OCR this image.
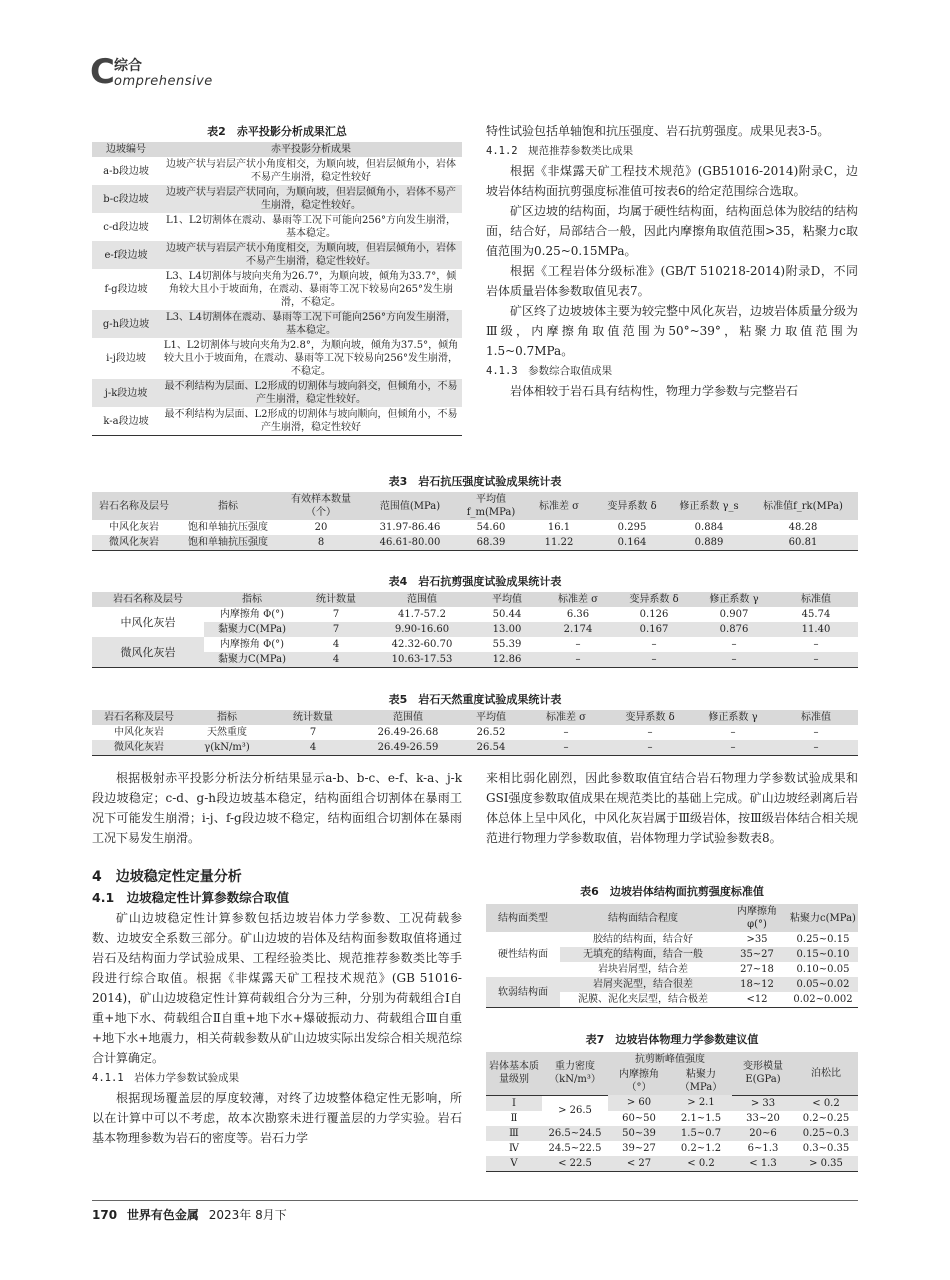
C 综合
omprehensive
表2　赤平投影分析成果汇总
边坡编号	赤平投影分析成果
a-b段边坡	边坡产状与岩层产状小角度相交，为顺向坡，但岩层倾角小，岩体不易产生崩滑，稳定性较好
b-c段边坡	边坡产状与岩层产状同向，为顺向坡，但岩层倾角小，岩体不易产生崩滑，稳定性较好。
c-d段边坡	L1、L2切割体在震动、暴雨等工况下可能向256°方向发生崩滑，基本稳定。
e-f段边坡	边坡产状与岩层产状小角度相交，为顺向坡，但岩层倾角小，岩体不易产生崩滑，稳定性较好。
f-g段边坡	L3、L4切割体与坡向夹角为26.7°，为顺向坡，倾角为33.7°，倾角较大且小于坡面角，在震动、暴雨等工况下较易向265°发生崩滑，不稳定。
g-h段边坡	L3、L4切割体在震动、暴雨等工况下可能向256°方向发生崩滑，基本稳定。
i-j段边坡	L1、L2切割体与坡向夹角为2.8°，为顺向坡，倾角为37.5°，倾角较大且小于坡面角，在震动、暴雨等工况下较易向256°发生崩滑，不稳定。
j-k段边坡	最不利结构为层面、L2形成的切割体与坡向斜交，但倾角小，不易产生崩滑，稳定性较好。
k-a段边坡	最不利结构为层面、L2形成的切割体与坡向顺向，但倾角小，不易产生崩滑，稳定性较好

特性试验包括单轴饱和抗压强度、岩石抗剪强度。成果见表3-5。

4.1.2　规范推荐参数类比成果

根据《非煤露天矿工程技术规范》(GB51016-2014)附录C，边坡岩体结构面抗剪强度标准值可按表6的给定范围综合选取。

矿区边坡的结构面，均属于硬性结构面，结构面总体为胶结的结构面，结合好，局部结合一般，因此内摩擦角取值范围>35，粘聚力c取值范围为0.25~0.15MPa。

根据《工程岩体分级标准》(GB/T 510218-2014)附录D，不同岩体质量岩体参数取值见表7。

矿区终了边坡坡体主要为较完整中风化灰岩，边坡岩体质量分级为Ⅲ级，内摩擦角取值范围为50°~39°，粘聚力取值范围为1.5~0.7MPa。

4.1.3　参数综合取值成果

岩体相较于岩石具有结构性，物理力学参数与完整岩石

表3　岩石抗压强度试验成果统计表
岩石名称及层号	指标	有效样本数量（个）	范围值(MPa)	平均值f_m(MPa)	标准差 σ	变异系数 δ	修正系数 γ_s	标准值f_rk(MPa)
中风化灰岩	饱和单轴抗压强度	20	31.97-86.46	54.60	16.1	0.295	0.884	48.28
微风化灰岩	饱和单轴抗压强度	8	46.61-80.00	68.39	11.22	0.164	0.889	60.81
表4　岩石抗剪强度试验成果统计表
岩石名称及层号	指标	统计数量	范围值	平均值	标准差 σ	变异系数 δ	修正系数 γ	标准值
中风化灰岩	内摩擦角 Φ(°)	7	41.7-57.2	50.44	6.36	0.126	0.907	45.74
	黏聚力C(MPa)	7	9.90-16.60	13.00	2.174	0.167	0.876	11.40
微风化灰岩	内摩擦角 Φ(°)	4	42.32-60.70	55.39	–	–	–	–
	黏聚力C(MPa)	4	10.63-17.53	12.86	–	–	–	–
表5　岩石天然重度试验成果统计表
岩石名称及层号	指标	统计数量	范围值	平均值	标准差 σ	变异系数 δ	修正系数 γ	标准值
中风化灰岩	天然重度	7	26.49-26.68	26.52	–	–	–	–
微风化灰岩	γ(kN/m³)	4	26.49-26.59	26.54	–	–	–	–

根据极射赤平投影分析法分析结果显示a-b、b-c、e-f、k-a、j-k段边坡稳定；c-d、g-h段边坡基本稳定，结构面组合切割体在暴雨工况下可能发生崩滑；i-j、f-g段边坡不稳定，结构面组合切割体在暴雨工况下易发生崩滑。

来相比弱化剧烈，因此参数取值宜结合岩石物理力学参数试验成果和GSI强度参数取值成果在规范类比的基础上完成。矿山边坡经剥离后岩体总体上呈中风化，中风化灰岩属于Ⅲ级岩体，按Ⅲ级岩体结合相关规范进行物理力学参数取值，岩体物理力学试验参数表8。

4　边坡稳定性定量分析
4.1　边坡稳定性计算参数综合取值

矿山边坡稳定性计算参数包括边坡岩体力学参数、工况荷载参数、边坡安全系数三部分。矿山边坡的岩体及结构面参数取值将通过岩石及结构面力学试验成果、工程经验类比、规范推荐参数类比等手段进行综合取值。根据《非煤露天矿工程技术规范》(GB 51016-2014)，矿山边坡稳定性计算荷载组合分为三种，分别为荷载组合Ⅰ自重+地下水、荷载组合Ⅱ自重+地下水+爆破振动力、荷载组合Ⅲ自重+地下水+地震力，相关荷载参数从矿山边坡实际出发综合相关规范综合计算确定。

4.1.1　岩体力学参数试验成果

根据现场覆盖层的厚度较薄，对终了边坡整体稳定性无影响，所以在计算中可以不考虑，故本次勘察未进行覆盖层的力学实验。岩石基本物理参数为岩石的密度等。岩石力学

表6　边坡岩体结构面抗剪强度标准值
结构面类型	结构面结合程度	内摩擦角φ(°)	粘聚力c(MPa)
硬性结构面	胶结的结构面，结合好	>35	0.25~0.15
	无填充的结构面，结合一般	35~27	0.15~0.10
	岩块岩屑型，结合差	27~18	0.10~0.05
软弱结构面	岩屑夹泥型，结合很差	18~12	0.05~0.02
	泥膜、泥化夹层型，结合极差	<12	0.02~0.002
表7　边坡岩体物理力学参数建议值
岩体基本质量级别	重力密度（kN/m³）	抗剪断峰值强度		变形模量E(GPa)	泊松比
		内摩擦角（°）	粘聚力（MPa）		
Ⅰ	> 26.5	> 60	> 2.1	> 33	< 0.2
Ⅱ		60~50	2.1~1.5	33~20	0.2~0.25
Ⅲ	26.5~24.5	50~39	1.5~0.7	20~6	0.25~0.3
Ⅳ	24.5~22.5	39~27	0.2~1.2	6~1.3	0.3~0.35
Ⅴ	< 22.5	< 27	< 0.2	< 1.3	> 0.35
170 世界有色金属 2023年 8月下
